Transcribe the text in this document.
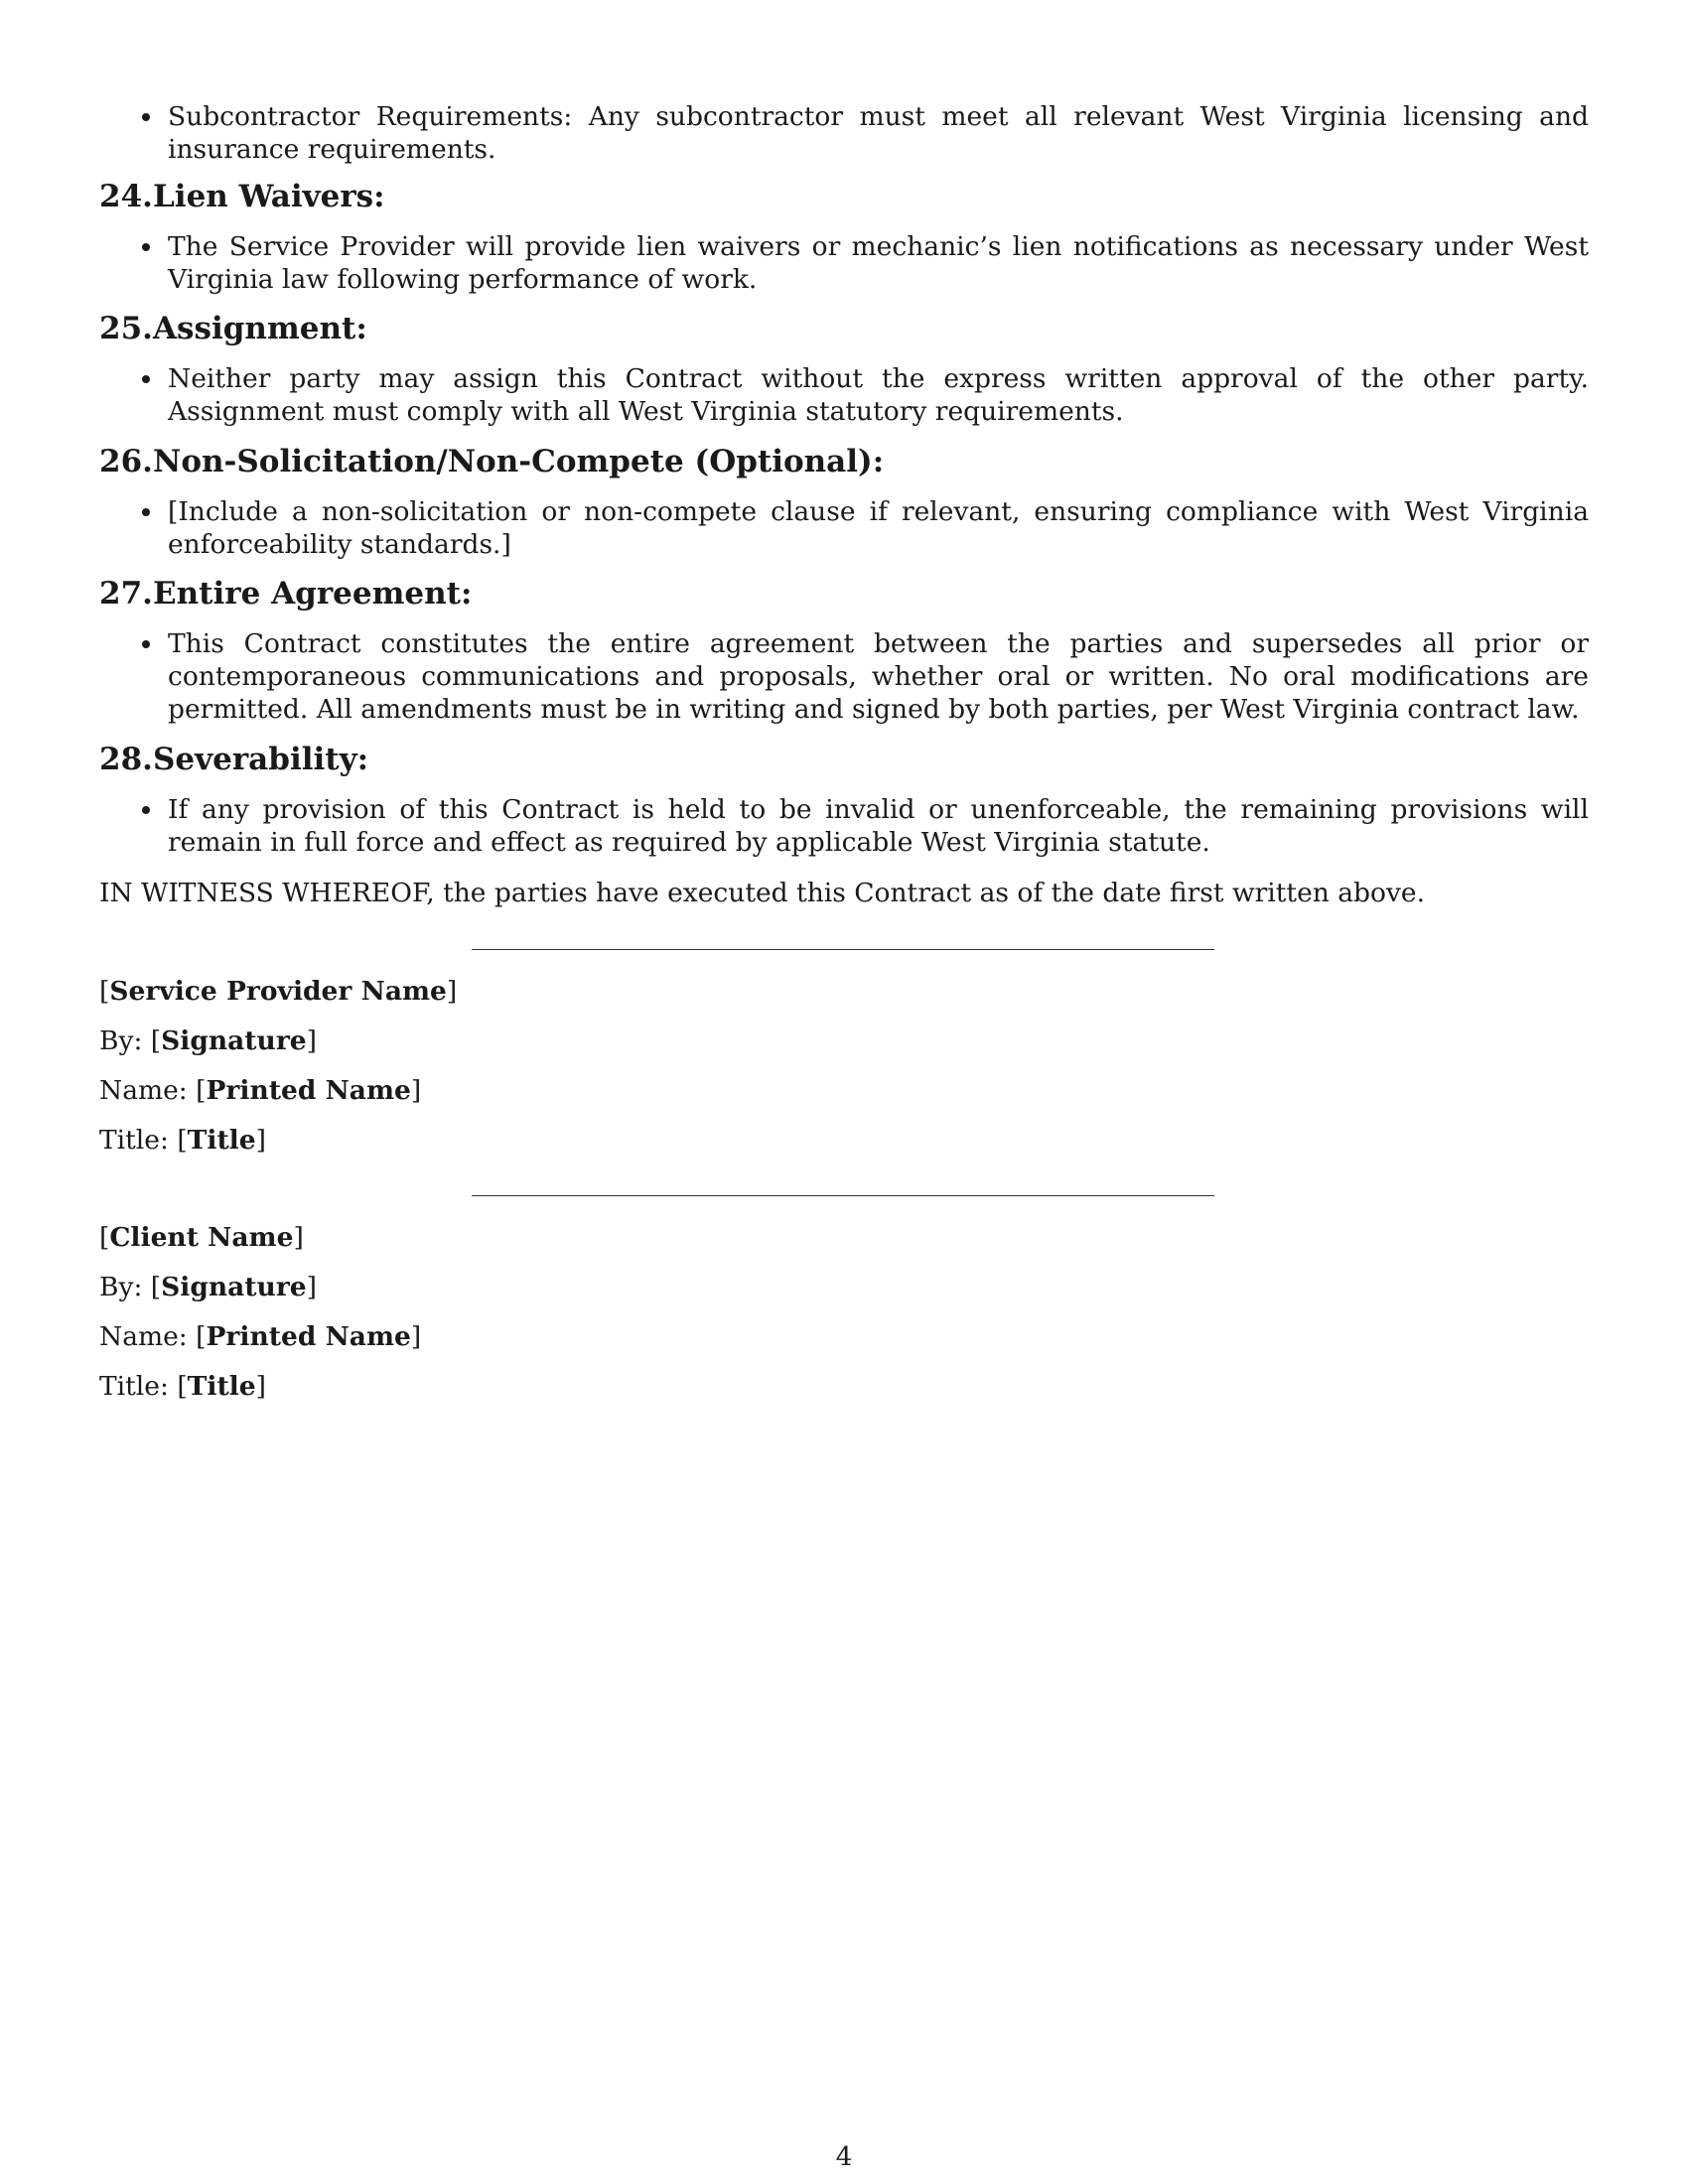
Subcontractor Requirements: Any subcontractor must meet all relevant West Virginia licensing and insurance requirements.
24. Lien Waivers:
The Service Provider will provide lien waivers or mechanic’s lien notifications as necessary under West Virginia law following performance of work.
25. Assignment:
Neither party may assign this Contract without the express written approval of the other party. Assignment must comply with all West Virginia statutory requirements.
26. Non-Solicitation/Non-Compete (Optional):
[Include a non-solicitation or non-compete clause if relevant, ensuring compliance with West Virginia enforceability standards.]
27. Entire Agreement:
This Contract constitutes the entire agreement between the parties and supersedes all prior or contemporaneous communications and proposals, whether oral or written. No oral modifications are permitted. All amendments must be in writing and signed by both parties, per West Virginia contract law.
28. Severability:
If any provision of this Contract is held to be invalid or unenforceable, the remaining provisions will remain in full force and effect as required by applicable West Virginia statute.
IN WITNESS WHEREOF, the parties have executed this Contract as of the date first written above.
[Service Provider Name]
By: [Signature]
Name: [Printed Name]
Title: [Title]
[Client Name]
By: [Signature]
Name: [Printed Name]
Title: [Title]
4
